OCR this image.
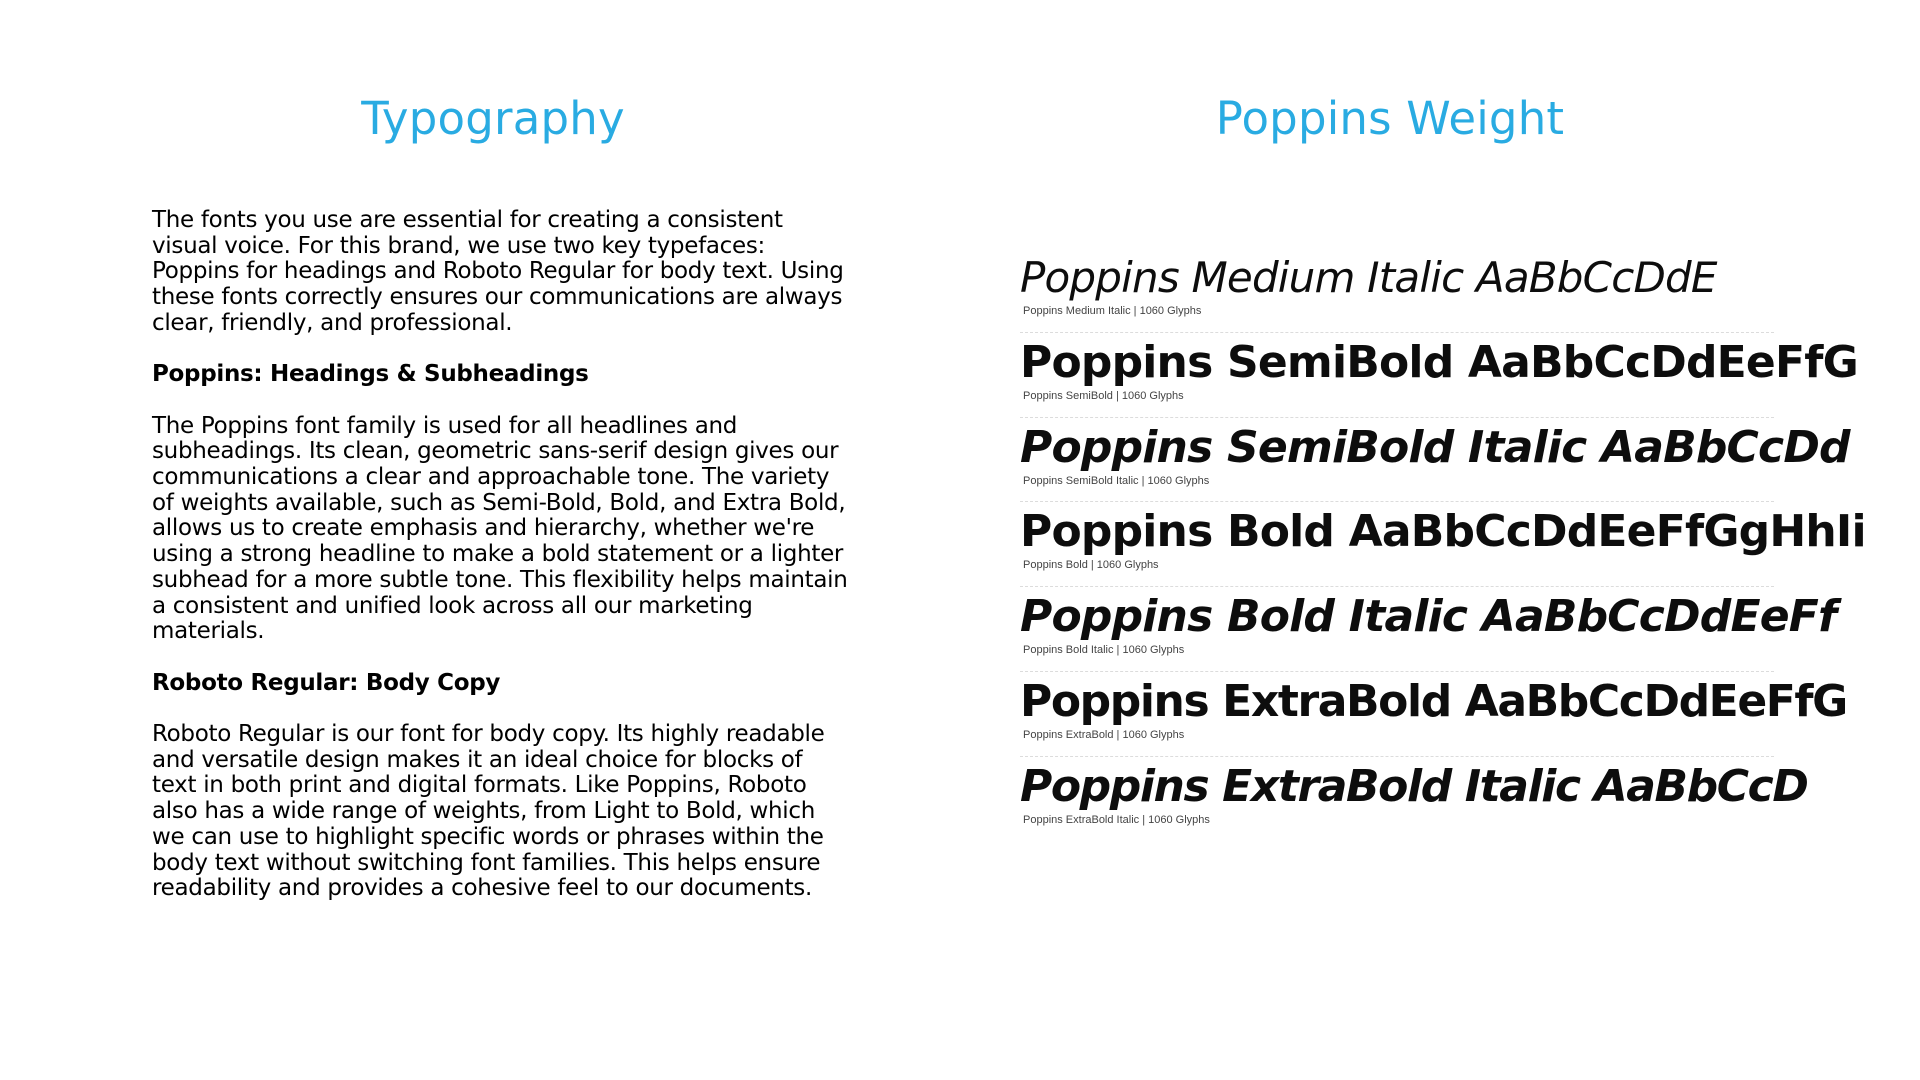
Typography	Poppins Weight

The fonts you use are essential for creating a consistent visual voice. For this brand, we use two key typefaces: Poppins for headings and Roboto Regular for body text. Using these fonts correctly ensures our communications are always clear, friendly, and professional.

Poppins: Headings & Subheadings

The Poppins font family is used for all headlines and subheadings. Its clean, geometric sans-serif design gives our communications a clear and approachable tone. The variety of weights available, such as Semi-Bold, Bold, and Extra Bold, allows us to create emphasis and hierarchy, whether we're using a strong headline to make a bold statement or a lighter subhead for a more subtle tone. This flexibility helps maintain a consistent and unified look across all our marketing materials.

Roboto Regular: Body Copy

Roboto Regular is our font for body copy. Its highly readable and versatile design makes it an ideal choice for blocks of text in both print and digital formats. Like Poppins, Roboto also has a wide range of weights, from Light to Bold, which we can use to highlight specific words or phrases within the body text without switching font families. This helps ensure readability and provides a cohesive feel to our documents.

Poppins Medium Italic AaBbCcDdE
Poppins Medium Italic | 1060 Glyphs
Poppins SemiBold AaBbCcDdEeFfG
Poppins SemiBold | 1060 Glyphs
Poppins SemiBold Italic AaBbCcDd
Poppins SemiBold Italic | 1060 Glyphs
Poppins Bold AaBbCcDdEeFfGgHhIi
Poppins Bold | 1060 Glyphs
Poppins Bold Italic AaBbCcDdEeFf
Poppins Bold Italic | 1060 Glyphs
Poppins ExtraBold AaBbCcDdEeFfG
Poppins ExtraBold | 1060 Glyphs
Poppins ExtraBold Italic AaBbCcD
Poppins ExtraBold Italic | 1060 Glyphs
